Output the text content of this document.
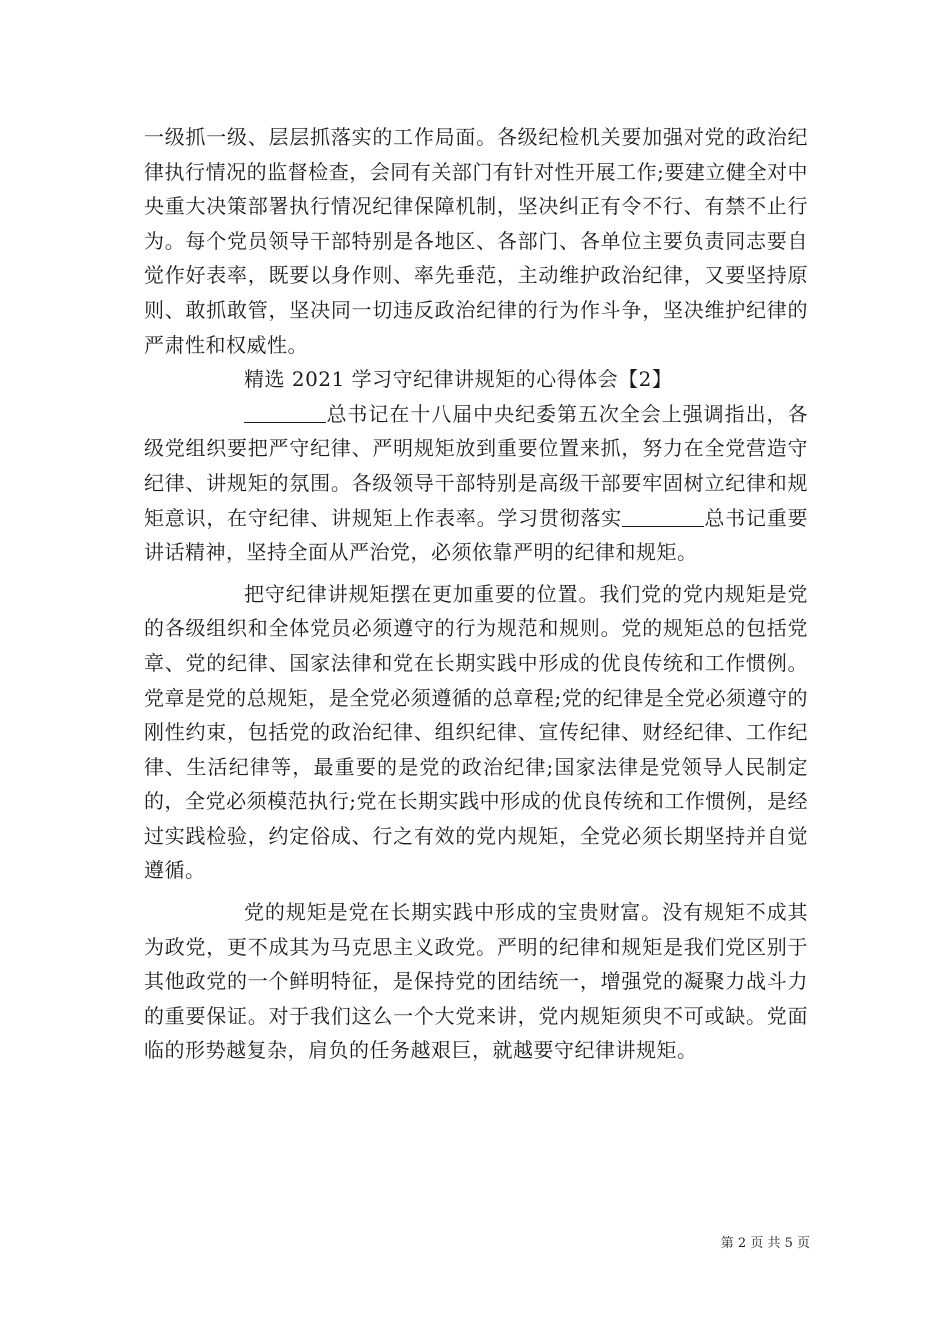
一级抓一级、层层抓落实的工作局面。各级纪检机关要加强对党的政治纪律执行情况的监督检查，会同有关部门有针对性开展工作;要建立健全对中央重大决策部署执行情况纪律保障机制，坚决纠正有令不行、有禁不止行为。每个党员领导干部特别是各地区、各部门、各单位主要负责同志要自觉作好表率，既要以身作则、率先垂范，主动维护政治纪律，又要坚持原则、敢抓敢管，坚决同一切违反政治纪律的行为作斗争，坚决维护纪律的严肃性和权威性。

精选 2021 学习守纪律讲规矩的心得体会【2】

总书记在十八届中央纪委第五次全会上强调指出，各级党组织要把严守纪律、严明规矩放到重要位置来抓，努力在全党营造守纪律、讲规矩的氛围。各级领导干部特别是高级干部要牢固树立纪律和规矩意识，在守纪律、讲规矩上作表率。学习贯彻落实	总书记重要讲话精神，坚持全面从严治党，必须依靠严明的纪律和规矩。

把守纪律讲规矩摆在更加重要的位置。我们党的党内规矩是党的各级组织和全体党员必须遵守的行为规范和规则。党的规矩总的包括党章、党的纪律、国家法律和党在长期实践中形成的优良传统和工作惯例。党章是党的总规矩，是全党必须遵循的总章程;党的纪律是全党必须遵守的刚性约束，包括党的政治纪律、组织纪律、宣传纪律、财经纪律、工作纪律、生活纪律等，最重要的是党的政治纪律;国家法律是党领导人民制定的，全党必须模范执行;党在长期实践中形成的优良传统和工作惯例，是经过实践检验，约定俗成、行之有效的党内规矩，全党必须长期坚持并自觉遵循。

党的规矩是党在长期实践中形成的宝贵财富。没有规矩不成其为政党，更不成其为马克思主义政党。严明的纪律和规矩是我们党区别于其他政党的一个鲜明特征，是保持党的团结统一，增强党的凝聚力战斗力的重要保证。对于我们这么一个大党来讲，党内规矩须臾不可或缺。党面临的形势越复杂，肩负的任务越艰巨，就越要守纪律讲规矩。

第 2 页 共 5 页
